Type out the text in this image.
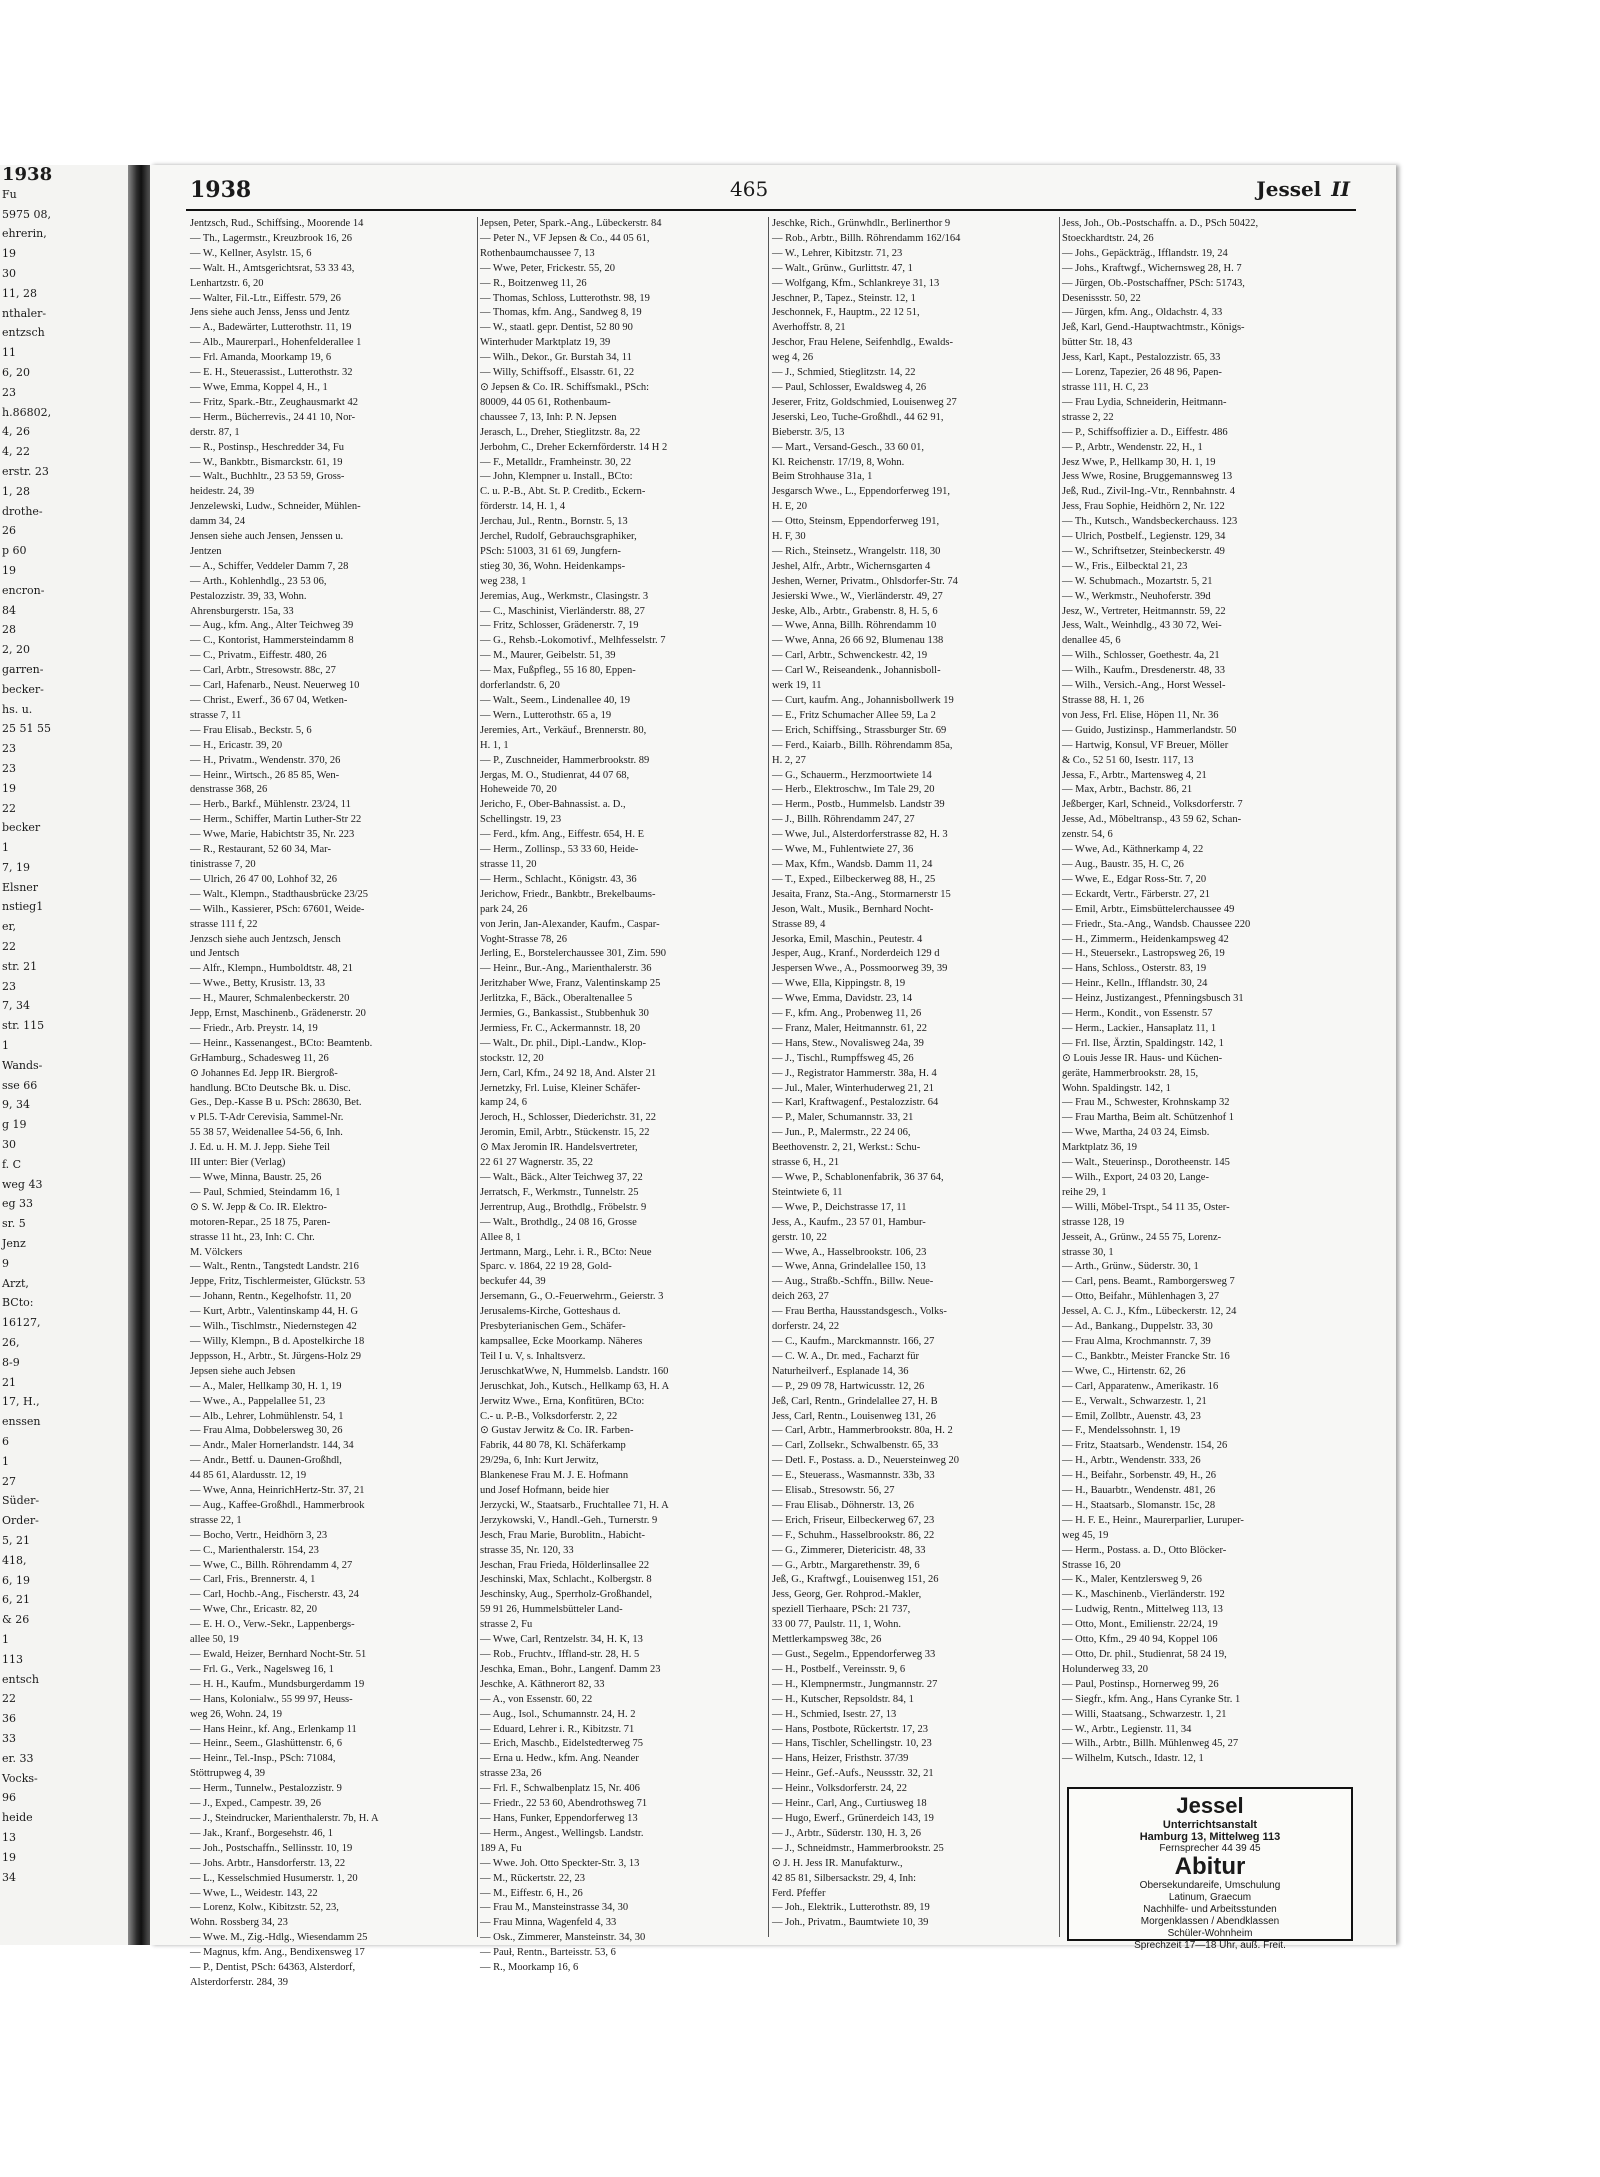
1938
Fu
5975 08,
ehrerin,
19
30
11, 28
nthaler-
entzsch
11
6, 20
23
h.86802,
4, 26
4, 22
erstr. 23
1, 28
drothe-
26
p 60
19
encron-
84
28
2, 20
garren-
becker-
hs. u.
25 51 55
23
23
19
22
becker
1
7, 19
Elsner
nstieg1
er,
22
str. 21
23
7, 34
str. 115
1
Wands-
sse 66
9, 34
g 19
30
f. C
weg 43
eg 33
sr. 5
Jenz
9
Arzt,
BCto:
16127,
26,
8-9
21
17, H.,
enssen
6
1
27
Süder-
Order-
5, 21
418,
6, 19
6, 21
& 26
1
113
entsch
22
36
33
er. 33
Vocks-
96
heide
13
19
34
1938	465	Jessel II
Jentzsch, Rud., Schiffsing., Moorende 14
— Th., Lagermstr., Kreuzbrook 16, 26
— W., Kellner, Asylstr. 15, 6
— Walt. H., Amtsgerichtsrat, 53 33 43,
Lenhartzstr. 6, 20
— Walter, Fil.-Ltr., Eiffestr. 579, 26
Jens siehe auch Jenss, Jenss und Jentz
— A., Badewärter, Lutterothstr. 11, 19
— Alb., Maurerparl., Hohenfelderallee 1
— Frl. Amanda, Moorkamp 19, 6
— E. H., Steuerassist., Lutterothstr. 32
— Wwe, Emma, Koppel 4, H., 1
— Fritz, Spark.-Btr., Zeughausmarkt 42
— Herm., Bücherrevis., 24 41 10, Nor-
derstr. 87, 1
— R., Postinsp., Heschredder 34, Fu
— W., Bankbtr., Bismarckstr. 61, 19
— Walt., Buchhltr., 23 53 59, Gross-
heidestr. 24, 39
Jenzelewski, Ludw., Schneider, Mühlen-
damm 34, 24
Jensen siehe auch Jensen, Jenssen u.
Jentzen
— A., Schiffer, Veddeler Damm 7, 28
— Arth., Kohlenhdlg., 23 53 06,
Pestalozzistr. 39, 33, Wohn.
Ahrensburgerstr. 15a, 33
— Aug., kfm. Ang., Alter Teichweg 39
— C., Kontorist, Hammersteindamm 8
— C., Privatm., Eiffestr. 480, 26
— Carl, Arbtr., Stresowstr. 88c, 27
— Carl, Hafenarb., Neust. Neuerweg 10
— Christ., Ewerf., 36 67 04, Wetken-
strasse 7, 11
— Frau Elisab., Beckstr. 5, 6
— H., Ericastr. 39, 20
— H., Privatm., Wendenstr. 370, 26
— Heinr., Wirtsch., 26 85 85, Wen-
denstrasse 368, 26
— Herb., Barkf., Mühlenstr. 23/24, 11
— Herm., Schiffer, Martin Luther-Str 22
— Wwe, Marie, Habichtstr 35, Nr. 223
— R., Restaurant, 52 60 34, Mar-
tinistrasse 7, 20
— Ulrich, 26 47 00, Lohhof 32, 26
— Walt., Klempn., Stadthausbrücke 23/25
— Wilh., Kassierer, PSch: 67601, Weide-
strasse 111 f, 22
Jenzsch siehe auch Jentzsch, Jensch
und Jentsch
— Alfr., Klempn., Humboldtstr. 48, 21
— Wwe., Betty, Krusistr. 13, 33
— H., Maurer, Schmalenbeckerstr. 20
Jepp, Ernst, Maschinenb., Grädenerstr. 20
— Friedr., Arb. Preystr. 14, 19
— Heinr., Kassenangest., BCto: Beamtenb.
GrHamburg., Schadesweg 11, 26
⊙ Johannes Ed. Jepp IR. Biergroß-
handlung. BCto Deutsche Bk. u. Disc.
Ges., Dep.-Kasse B u. PSch: 28630, Bet.
v Pl.5. T-Adr Cerevisia, Sammel-Nr.
55 38 57, Weidenallee 54-56, 6, Inh.
J. Ed. u. H. M. J. Jepp. Siehe Teil
III unter: Bier (Verlag)
— Wwe, Minna, Baustr. 25, 26
— Paul, Schmied, Steindamm 16, 1
⊙ S. W. Jepp & Co. IR. Elektro-
motoren-Repar., 25 18 75, Paren-
strasse 11 ht., 23, Inh: C. Chr.
M. Völckers
— Walt., Rentn., Tangstedt Landstr. 216
Jeppe, Fritz, Tischlermeister, Glückstr. 53
— Johann, Rentn., Kegelhofstr. 11, 20
— Kurt, Arbtr., Valentinskamp 44, H. G
— Wilh., Tischlmstr., Niedernstegen 42
— Willy, Klempn., B d. Apostelkirche 18
Jeppsson, H., Arbtr., St. Jürgens-Holz 29
Jepsen siehe auch Jebsen
— A., Maler, Hellkamp 30, H. 1, 19
— Wwe., A., Pappelallee 51, 23
— Alb., Lehrer, Lohmühlenstr. 54, 1
— Frau Alma, Dobbelersweg 30, 26
— Andr., Maler Hornerlandstr. 144, 34
— Andr., Bettf. u. Daunen-Großhdl,
44 85 61, Alardusstr. 12, 19
— Wwe, Anna, HeinrichHertz-Str. 37, 21
— Aug., Kaffee-Großhdl., Hammerbrook
strasse 22, 1
— Bocho, Vertr., Heidhörn 3, 23
— C., Marienthalerstr. 154, 23
— Wwe, C., Billh. Röhrendamm 4, 27
— Carl, Fris., Brennerstr. 4, 1
— Carl, Hochb.-Ang., Fischerstr. 43, 24
— Wwe, Chr., Ericastr. 82, 20
— E. H. O., Verw.-Sekr., Lappenbergs-
allee 50, 19
— Ewald, Heizer, Bernhard Nocht-Str. 51
— Frl. G., Verk., Nagelsweg 16, 1
— H. H., Kaufm., Mundsburgerdamm 19
— Hans, Kolonialw., 55 99 97, Heuss-
weg 26, Wohn. 24, 19
— Hans Heinr., kf. Ang., Erlenkamp 11
— Heinr., Seem., Glashüttenstr. 6, 6
— Heinr., Tel.-Insp., PSch: 71084,
Stöttrupweg 4, 39
— Herm., Tunnelw., Pestalozzistr. 9
— J., Exped., Campestr. 39, 26
— J., Steindrucker, Marienthalerstr. 7b, H. A
— Jak., Kranf., Borgesehstr. 46, 1
— Joh., Postschaffn., Sellinsstr. 10, 19
— Johs. Arbtr., Hansdorferstr. 13, 22
— L., Kesselschmied Husumerstr. 1, 20
— Wwe, L., Weidestr. 143, 22
— Lorenz, Kolw., Kibitzstr. 52, 23,
Wohn. Rossberg 34, 23
— Wwe. M., Zig.-Hdlg., Wiesendamm 25
— Magnus, kfm. Ang., Bendixensweg 17
— P., Dentist, PSch: 64363, Alsterdorf,
Alsterdorferstr. 284, 39
Jepsen, Peter, Spark.-Ang., Lübeckerstr. 84
— Peter N., VF Jepsen & Co., 44 05 61,
Rothenbaumchaussee 7, 13
— Wwe, Peter, Frickestr. 55, 20
— R., Boitzenweg 11, 26
— Thomas, Schloss, Lutterothstr. 98, 19
— Thomas, kfm. Ang., Sandweg 8, 19
— W., staatl. gepr. Dentist, 52 80 90
Winterhuder Marktplatz 19, 39
— Wilh., Dekor., Gr. Burstah 34, 11
— Willy, Schiffsoff., Elsasstr. 61, 22
⊙ Jepsen & Co. IR. Schiffsmakl., PSch:
80009, 44 05 61, Rothenbaum-
chaussee 7, 13, Inh: P. N. Jepsen
Jerasch, L., Dreher, Stieglitzstr. 8a, 22
Jerbohm, C., Dreher Eckernförderstr. 14 H 2
— F., Metalldr., Framheinstr. 30, 22
— John, Klempner u. Install., BCto:
C. u. P.-B., Abt. St. P. Creditb., Eckern-
förderstr. 14, H. 1, 4
Jerchau, Jul., Rentn., Bornstr. 5, 13
Jerchel, Rudolf, Gebrauchsgraphiker,
PSch: 51003, 31 61 69, Jungfern-
stieg 30, 36, Wohn. Heidenkamps-
weg 238, 1
Jeremias, Aug., Werkmstr., Clasingstr. 3
— C., Maschinist, Vierländerstr. 88, 27
— Fritz, Schlosser, Grädenerstr. 7, 19
— G., Rehsb.-Lokomotivf., Melhfesselstr. 7
— M., Maurer, Geibelstr. 51, 39
— Max, Fußpfleg., 55 16 80, Eppen-
dorferlandstr. 6, 20
— Walt., Seem., Lindenallee 40, 19
— Wern., Lutterothstr. 65 a, 19
Jeremies, Art., Verkäuf., Brennerstr. 80,
H. 1, 1
— P., Zuschneider, Hammerbrookstr. 89
Jergas, M. O., Studienrat, 44 07 68,
Hoheweide 70, 20
Jericho, F., Ober-Bahnassist. a. D.,
Schellingstr. 19, 23
— Ferd., kfm. Ang., Eiffestr. 654, H. E
— Herm., Zollinsp., 53 33 60, Heide-
strasse 11, 20
— Herm., Schlacht., Königstr. 43, 36
Jerichow, Friedr., Bankbtr., Brekelbaums-
park 24, 26
von Jerin, Jan-Alexander, Kaufm., Caspar-
Voght-Strasse 78, 26
Jerling, E., Borstelerchaussee 301, Zim. 590
— Heinr., Bur.-Ang., Marienthalerstr. 36
Jeritzhaber Wwe, Franz, Valentinskamp 25
Jerlitzka, F., Bäck., Oberaltenallee 5
Jermies, G., Bankassist., Stubbenhuk 30
Jermiess, Fr. C., Ackermannstr. 18, 20
— Walt., Dr. phil., Dipl.-Landw., Klop-
stockstr. 12, 20
Jern, Carl, Kfm., 24 92 18, And. Alster 21
Jernetzky, Frl. Luise, Kleiner Schäfer-
kamp 24, 6
Jeroch, H., Schlosser, Diederichstr. 31, 22
Jeromin, Emil, Arbtr., Stückenstr. 15, 22
⊙ Max Jeromin IR. Handelsvertreter,
22 61 27 Wagnerstr. 35, 22
— Walt., Bäck., Alter Teichweg 37, 22
Jerratsch, F., Werkmstr., Tunnelstr. 25
Jerrentrup, Aug., Brothdlg., Fröbelstr. 9
— Walt., Brothdlg., 24 08 16, Grosse
Allee 8, 1
Jertmann, Marg., Lehr. i. R., BCto: Neue
Sparc. v. 1864, 22 19 28, Gold-
beckufer 44, 39
Jersemann, G., O.-Feuerwehrm., Geierstr. 3
Jerusalems-Kirche, Gotteshaus d.
Presbyterianischen Gem., Schäfer-
kampsallee, Ecke Moorkamp. Näheres
Teil I u. V, s. Inhaltsverz.
JeruschkatWwe, N, Hummelsb. Landstr. 160
Jeruschkat, Joh., Kutsch., Hellkamp 63, H. A
Jerwitz Wwe., Erna, Konfitüren, BCto:
C.- u. P.-B., Volksdorferstr. 2, 22
⊙ Gustav Jerwitz & Co. IR. Farben-
Fabrik, 44 80 78, Kl. Schäferkamp
29/29a, 6, Inh: Kurt Jerwitz,
Blankenese Frau M. J. E. Hofmann
und Josef Hofmann, beide hier
Jerzycki, W., Staatsarb., Fruchtallee 71, H. A
Jerzykowski, V., Handl.-Geh., Turnerstr. 9
Jesch, Frau Marie, Buroblitn., Habicht-
strasse 35, Nr. 120, 33
Jeschan, Frau Frieda, Hölderlinsallee 22
Jeschinski, Max, Schlacht., Kolbergstr. 8
Jeschinsky, Aug., Sperrholz-Großhandel,
59 91 26, Hummelsbütteler Land-
strasse 2, Fu
— Wwe, Carl, Rentzelstr. 34, H. K, 13
— Rob., Fruchtv., Iffland-str. 28, H. 5
Jeschka, Eman., Bohr., Langenf. Damm 23
Jeschke, A. Käthnerort 82, 33
— A., von Essenstr. 60, 22
— Aug., Isol., Schumannstr. 24, H. 2
— Eduard, Lehrer i. R., Kibitzstr. 71
— Erich, Maschb., Eidelstedterweg 75
— Erna u. Hedw., kfm. Ang. Neander
strasse 23a, 26
— Frl. F., Schwalbenplatz 15, Nr. 406
— Friedr., 22 53 60, Abendrothsweg 71
— Hans, Funker, Eppendorferweg 13
— Herm., Angest., Wellingsb. Landstr.
189 A, Fu
— Wwe. Joh. Otto Speckter-Str. 3, 13
— M., Rückertstr. 22, 23
— M., Eiffestr. 6, H., 26
— Frau M., Mansteinstrasse 34, 30
— Frau Minna, Wagenfeld 4, 33
— Osk., Zimmerer, Mansteinstr. 34, 30
— Pauł, Rentn., Barteisstr. 53, 6
— R., Moorkamp 16, 6
Jeschke, Rich., Grünwhdlr., Berlinerthor 9
— Rob., Arbtr., Billh. Röhrendamm 162/164
— W., Lehrer, Kibitzstr. 71, 23
— Walt., Grünw., Gurlittstr. 47, 1
— Wolfgang, Kfm., Schlankreye 31, 13
Jeschner, P., Tapez., Steinstr. 12, 1
Jeschonnek, F., Hauptm., 22 12 51,
Averhoffstr. 8, 21
Jeschor, Frau Helene, Seifenhdlg., Ewalds-
weg 4, 26
— J., Schmied, Stieglitzstr. 14, 22
— Paul, Schlosser, Ewaldsweg 4, 26
Jeserer, Fritz, Goldschmied, Louisenweg 27
Jeserski, Leo, Tuche-Großhdl., 44 62 91,
Bieberstr. 3/5, 13
— Mart., Versand-Gesch., 33 60 01,
Kl. Reichenstr. 17/19, 8, Wohn.
Beim Strohhause 31a, 1
Jesgarsch Wwe., L., Eppendorferweg 191,
H. E, 20
— Otto, Steinsm, Eppendorferweg 191,
H. F, 30
— Rich., Steinsetz., Wrangelstr. 118, 30
Jeshel, Alfr., Arbtr., Wichernsgarten 4
Jeshen, Werner, Privatm., Ohlsdorfer-Str. 74
Jesierski Wwe., W., Vierländerstr. 49, 27
Jeske, Alb., Arbtr., Grabenstr. 8, H. 5, 6
— Wwe, Anna, Billh. Röhrendamm 10
— Wwe, Anna, 26 66 92, Blumenau 138
— Carl, Arbtr., Schwenckestr. 42, 19
— Carl W., Reiseandenk., Johannisboll-
werk 19, 11
— Curt, kaufm. Ang., Johannisbollwerk 19
— E., Fritz Schumacher Allee 59, La 2
— Erich, Schiffsing., Strassburger Str. 69
— Ferd., Kaiarb., Billh. Röhrendamm 85a,
H. 2, 27
— G., Schauerm., Herzmoortwiete 14
— Herb., Elektroschw., Im Tale 29, 20
— Herm., Postb., Hummelsb. Landstr 39
— J., Billh. Röhrendamm 247, 27
— Wwe, Jul., Alsterdorferstrasse 82, H. 3
— Wwe, M., Fuhlentwiete 27, 36
— Max, Kfm., Wandsb. Damm 11, 24
— T., Exped., Eilbeckerweg 88, H., 25
Jesaita, Franz, Sta.-Ang., Stormarnerstr 15
Jeson, Walt., Musik., Bernhard Nocht-
Strasse 89, 4
Jesorka, Emil, Maschin., Peutestr. 4
Jesper, Aug., Kranf., Norderdeich 129 d
Jespersen Wwe., A., Possmoorweg 39, 39
— Wwe, Ella, Kippingstr. 8, 19
— Wwe, Emma, Davidstr. 23, 14
— F., kfm. Ang., Probenweg 11, 26
— Franz, Maler, Heitmannstr. 61, 22
— Hans, Stew., Novalisweg 24a, 39
— J., Tischl., Rumpffsweg 45, 26
— J., Registrator Hammerstr. 38a, H. 4
— Jul., Maler, Winterhuderweg 21, 21
— Karl, Kraftwagenf., Pestalozzistr. 64
— P., Maler, Schumannstr. 33, 21
— Jun., P., Malermstr., 22 24 06,
Beethovenstr. 2, 21, Werkst.: Schu-
strasse 6, H., 21
— Wwe, P., Schablonenfabrik, 36 37 64,
Steintwiete 6, 11
— Wwe, P., Deichstrasse 17, 11
Jess, A., Kaufm., 23 57 01, Hambur-
gerstr. 10, 22
— Wwe, A., Hasselbrookstr. 106, 23
— Wwe, Anna, Grindelallee 150, 13
— Aug., Straßb.-Schffn., Billw. Neue-
deich 263, 27
— Frau Bertha, Hausstandsgesch., Volks-
dorferstr. 24, 22
— C., Kaufm., Marckmannstr. 166, 27
— C. W. A., Dr. med., Facharzt für
Naturheilverf., Esplanade 14, 36
— P., 29 09 78, Hartwicusstr. 12, 26
Jeß, Carl, Rentn., Grindelallee 27, H. B
Jess, Carl, Rentn., Louisenweg 131, 26
— Carl, Arbtr., Hammerbrookstr. 80a, H. 2
— Carl, Zollsekr., Schwalbenstr. 65, 33
— Detl. F., Postass. a. D., Neuersteinweg 20
— E., Steuerass., Wasmannstr. 33b, 33
— Elisab., Stresowstr. 56, 27
— Frau Elisab., Döhnerstr. 13, 26
— Erich, Friseur, Eilbeckerweg 67, 23
— F., Schuhm., Hasselbrookstr. 86, 22
— G., Zimmerer, Dietericistr. 48, 33
— G., Arbtr., Margarethenstr. 39, 6
Jeß, G., Kraftwgf., Louisenweg 151, 26
Jess, Georg, Ger. Rohprod.-Makler,
speziell Tierhaare, PSch: 21 737,
33 00 77, Paulstr. 11, 1, Wohn.
Mettlerkampsweg 38c, 26
— Gust., Segelm., Eppendorferweg 33
— H., Postbelf., Vereinsstr. 9, 6
— H., Klempnermstr., Jungmannstr. 27
— H., Kutscher, Repsoldstr. 84, 1
— H., Schmied, Isestr. 27, 13
— Hans, Postbote, Rückertstr. 17, 23
— Hans, Tischler, Schellingstr. 10, 23
— Hans, Heizer, Fristhstr. 37/39
— Heinr., Gef.-Aufs., Neussstr. 32, 21
— Heinr., Volksdorferstr. 24, 22
— Heinr., Carl, Ang., Curtiusweg 18
— Hugo, Ewerf., Grünerdeich 143, 19
— J., Arbtr., Süderstr. 130, H. 3, 26
— J., Schneidmstr., Hammerbrookstr. 25
⊙ J. H. Jess IR. Manufakturw.,
42 85 81, Silbersackstr. 29, 4, Inh:
Ferd. Pfeffer
— Joh., Elektrik., Lutterothstr. 89, 19
— Joh., Privatm., Baumtwiete 10, 39
Jess, Joh., Ob.-Postschaffn. a. D., PSch 50422,
Stoeckhardtstr. 24, 26
— Johs., Gepäckträg., Ifflandstr. 19, 24
— Johs., Kraftwgf., Wichernsweg 28, H. 7
— Jürgen, Ob.-Postschaffner, PSch: 51743,
Desenissstr. 50, 22
— Jürgen, kfm. Ang., Oldachstr. 4, 33
Jeß, Karl, Gend.-Hauptwachtmstr., Königs-
bütter Str. 18, 43
Jess, Karl, Kapt., Pestalozzistr. 65, 33
— Lorenz, Tapezier, 26 48 96, Papen-
strasse 111, H. C, 23
— Frau Lydia, Schneiderin, Heitmann-
strasse 2, 22
— P., Schiffsoffizier a. D., Eiffestr. 486
— P., Arbtr., Wendenstr. 22, H., 1
Jesz Wwe, P., Hellkamp 30, H. 1, 19
Jess Wwe, Rosine, Bruggemannsweg 13
Jeß, Rud., Zivil-Ing.-Vtr., Rennbahnstr. 4
Jess, Frau Sophie, Heidhörn 2, Nr. 122
— Th., Kutsch., Wandsbeckerchauss. 123
— Ulrich, Postbelf., Legienstr. 129, 34
— W., Schriftsetzer, Steinbeckerstr. 49
— W., Fris., Eilbecktal 21, 23
— W. Schubmach., Mozartstr. 5, 21
— W., Werkmstr., Neuhoferstr. 39d
Jesz, W., Vertreter, Heitmannstr. 59, 22
Jess, Walt., Weinhdlg., 43 30 72, Wei-
denallee 45, 6
— Wilh., Schlosser, Goethestr. 4a, 21
— Wilh., Kaufm., Dresdenerstr. 48, 33
— Wilh., Versich.-Ang., Horst Wessel-
Strasse 88, H. 1, 26
von Jess, Frl. Elise, Höpen 11, Nr. 36
— Guido, Justizinsp., Hammerlandstr. 50
— Hartwig, Konsul, VF Breuer, Möller
& Co., 52 51 60, Isestr. 117, 13
Jessa, F., Arbtr., Martensweg 4, 21
— Max, Arbtr., Bachstr. 86, 21
Jeßberger, Karl, Schneid., Volksdorferstr. 7
Jesse, Ad., Möbeltransp., 43 59 62, Schan-
zenstr. 54, 6
— Wwe, Ad., Käthnerkamp 4, 22
— Aug., Baustr. 35, H. C, 26
— Wwe, E., Edgar Ross-Str. 7, 20
— Eckardt, Vertr., Färberstr. 27, 21
— Emil, Arbtr., Eimsbüttelerchaussee 49
— Friedr., Sta.-Ang., Wandsb. Chaussee 220
— H., Zimmerm., Heidenkampsweg 42
— H., Steuersekr., Lastropsweg 26, 19
— Hans, Schloss., Osterstr. 83, 19
— Heinr., Kelln., Ifflandstr. 30, 24
— Heinz, Justizangest., Pfenningsbusch 31
— Herm., Kondit., von Essenstr. 57
— Herm., Lackier., Hansaplatz 11, 1
— Frl. Ilse, Ärztin, Spaldingstr. 142, 1
⊙ Louis Jesse IR. Haus- und Küchen-
geräte, Hammerbrookstr. 28, 15,
Wohn. Spaldingstr. 142, 1
— Frau M., Schwester, Krohnskamp 32
— Frau Martha, Beim alt. Schützenhof 1
— Wwe, Martha, 24 03 24, Eimsb.
Marktplatz 36, 19
— Walt., Steuerinsp., Dorotheenstr. 145
— Wilh., Export, 24 03 20, Lange-
reihe 29, 1
— Willi, Möbel-Trspt., 54 11 35, Oster-
strasse 128, 19
Jesseit, A., Grünw., 24 55 75, Lorenz-
strasse 30, 1
— Arth., Grünw., Süderstr. 30, 1
— Carl, pens. Beamt., Ramborgersweg 7
— Otto, Beifahr., Mühlenhagen 3, 27
Jessel, A. C. J., Kfm., Lübeckerstr. 12, 24
— Ad., Bankang., Duppelstr. 33, 30
— Frau Alma, Krochmannstr. 7, 39
— C., Bankbtr., Meister Francke Str. 16
— Wwe, C., Hirtenstr. 62, 26
— Carl, Apparatenw., Amerikastr. 16
— E., Verwalt., Schwarzestr. 1, 21
— Emil, Zollbtr., Auenstr. 43, 23
— F., Mendelssohnstr. 1, 19
— Fritz, Staatsarb., Wendenstr. 154, 26
— H., Arbtr., Wendenstr. 333, 26
— H., Beifahr., Sorbenstr. 49, H., 26
— H., Bauarbtr., Wendenstr. 481, 26
— H., Staatsarb., Slomanstr. 15c, 28
— H. F. E., Heinr., Maurerparlier, Luruper-
weg 45, 19
— Herm., Postass. a. D., Otto Blöcker-
Strasse 16, 20
— K., Maler, Kentzlersweg 9, 26
— K., Maschinenb., Vierländerstr. 192
— Ludwig, Rentn., Mittelweg 113, 13
— Otto, Mont., Emilienstr. 22/24, 19
— Otto, Kfm., 29 40 94, Koppel 106
— Otto, Dr. phil., Studienrat, 58 24 19,
Holunderweg 33, 20
— Paul, Postinsp., Hornerweg 99, 26
— Siegfr., kfm. Ang., Hans Cyranke Str. 1
— Willi, Staatsang., Schwarzestr. 1, 21
— W., Arbtr., Legienstr. 11, 34
— Wilh., Arbtr., Billh. Mühlenweg 45, 27
— Wilhelm, Kutsch., Idastr. 12, 1
Jessel
Unterrichtsanstalt
Hamburg 13, Mittelweg 113
Fernsprecher 44 39 45
Abitur
Obersekundareife, Umschulung
Latinum, Graecum
Nachhilfe- und Arbeitsstunden
Morgenklassen / Abendklassen
Schüler-Wohnheim
Sprechzeit 17—18 Uhr, auß. Freit.
